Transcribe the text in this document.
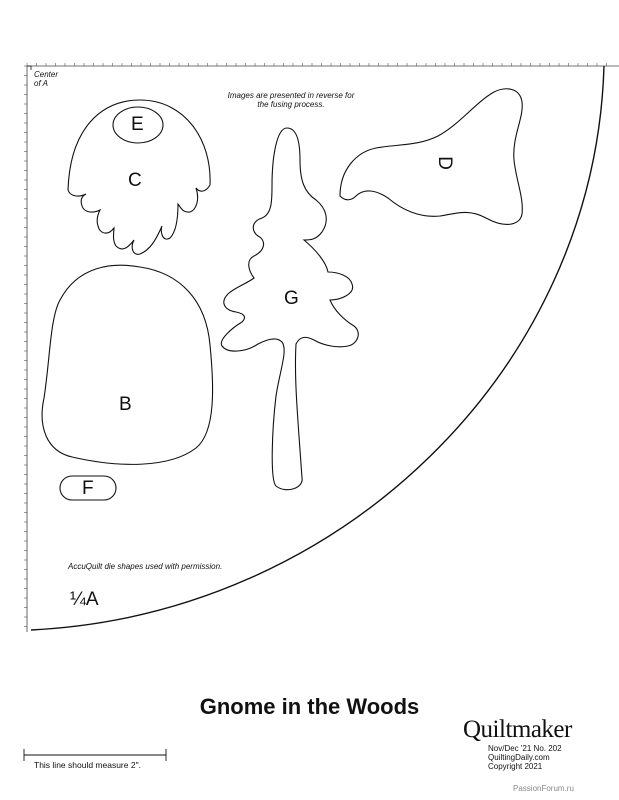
Center
of A
Images are presented in reverse for the fusing process.
E
C
D
G
B
F
AccuQuilt die shapes used with permission.
¼A
Gnome in the Woods
Quiltmaker
Nov/Dec '21 No. 202
QuiltingDaily.com
Copyright 2021
This line should measure 2".
PassionForum.ru
